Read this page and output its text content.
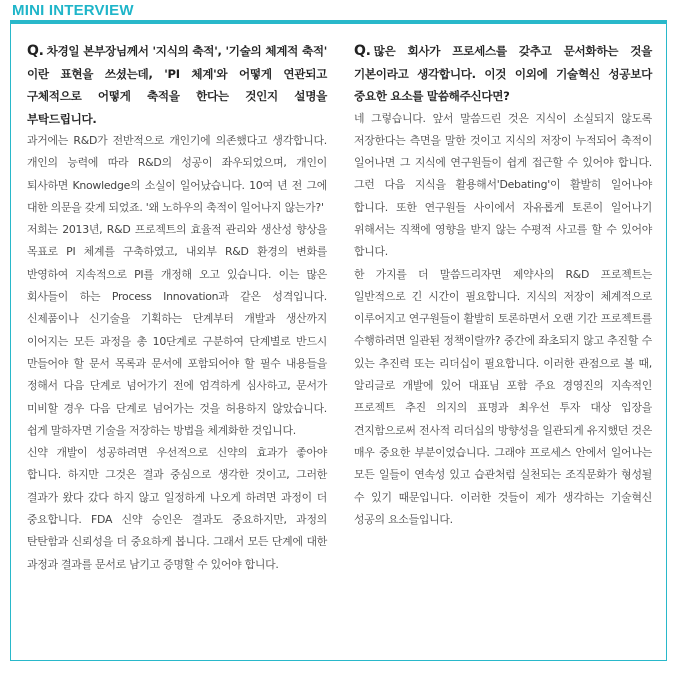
MINI INTERVIEW

Q. 차경일 본부장님께서 '지식의 축적', '기술의 체계적 축적' 이란 표현을 쓰셨는데, 'PI 체계'와 어떻게 연관되고 구체적으로 어떻게 축적을 한다는 것인지 설명을 부탁드립니다.

과거에는 R&D가 전반적으로 개인기에 의존했다고 생각합니다. 개인의 능력에 따라 R&D의 성공이 좌우되었으며, 개인이 퇴사하면 Knowledge의 소실이 일어났습니다. 10여 년 전 그에 대한 의문을 갖게 되었죠. '왜 노하우의 축적이 일어나지 않는가?'

저희는 2013년, R&D 프로젝트의 효율적 관리와 생산성 향상을 목표로 PI 체계를 구축하였고, 내외부 R&D 환경의 변화를 반영하여 지속적으로 PI를 개정해 오고 있습니다. 이는 많은 회사들이 하는 Process Innovation과 같은 성격입니다. 신제품이나 신기술을 기획하는 단계부터 개발과 생산까지 이어지는 모든 과정을 총 10단계로 구분하여 단계별로 반드시 만들어야 할 문서 목록과 문서에 포함되어야 할 필수 내용들을 정해서 다음 단계로 넘어가기 전에 엄격하게 심사하고, 문서가 미비할 경우 다음 단계로 넘어가는 것을 허용하지 않았습니다. 쉽게 말하자면 기술을 저장하는 방법을 체계화한 것입니다.

신약 개발이 성공하려면 우선적으로 신약의 효과가 좋아야 합니다. 하지만 그것은 결과 중심으로 생각한 것이고, 그러한 결과가 왔다 갔다 하지 않고 일정하게 나오게 하려면 과정이 더 중요합니다. FDA 신약 승인은 결과도 중요하지만, 과정의 탄탄함과 신뢰성을 더 중요하게 봅니다. 그래서 모든 단계에 대한 과정과 결과를 문서로 남기고 증명할 수 있어야 합니다.

Q. 많은 회사가 프로세스를 갖추고 문서화하는 것을 기본이라고 생각합니다. 이것 이외에 기술혁신 성공보다 중요한 요소를 말씀해주신다면?

네 그렇습니다. 앞서 말씀드린 것은 지식이 소실되지 않도록 저장한다는 측면을 말한 것이고 지식의 저장이 누적되어 축적이 일어나면 그 지식에 연구원들이 쉽게 접근할 수 있어야 합니다. 그런 다음 지식을 활용해서'Debating'이 활발히 일어나야 합니다. 또한 연구원들 사이에서 자유롭게 토론이 일어나기 위해서는 직책에 영향을 받지 않는 수평적 사고를 할 수 있어야 합니다.

한 가지를 더 말씀드리자면 제약사의 R&D 프로젝트는 일반적으로 긴 시간이 필요합니다. 지식의 저장이 체계적으로 이루어지고 연구원들이 활발히 토론하면서 오랜 기간 프로젝트를 수행하려면 일관된 정책이랄까? 중간에 좌초되지 않고 추진할 수 있는 추진력 또는 리더십이 필요합니다. 이러한 관점으로 볼 때, 알리글로 개발에 있어 대표님 포함 주요 경영진의 지속적인 프로젝트 추진 의지의 표명과 최우선 투자 대상 입장을 견지함으로써 전사적 리더십의 방향성을 일관되게 유지했던 것은 매우 중요한 부분이었습니다. 그래야 프로세스 안에서 일어나는 모든 일들이 연속성 있고 습관처럼 실천되는 조직문화가 형성될 수 있기 때문입니다. 이러한 것들이 제가 생각하는 기술혁신 성공의 요소들입니다.
